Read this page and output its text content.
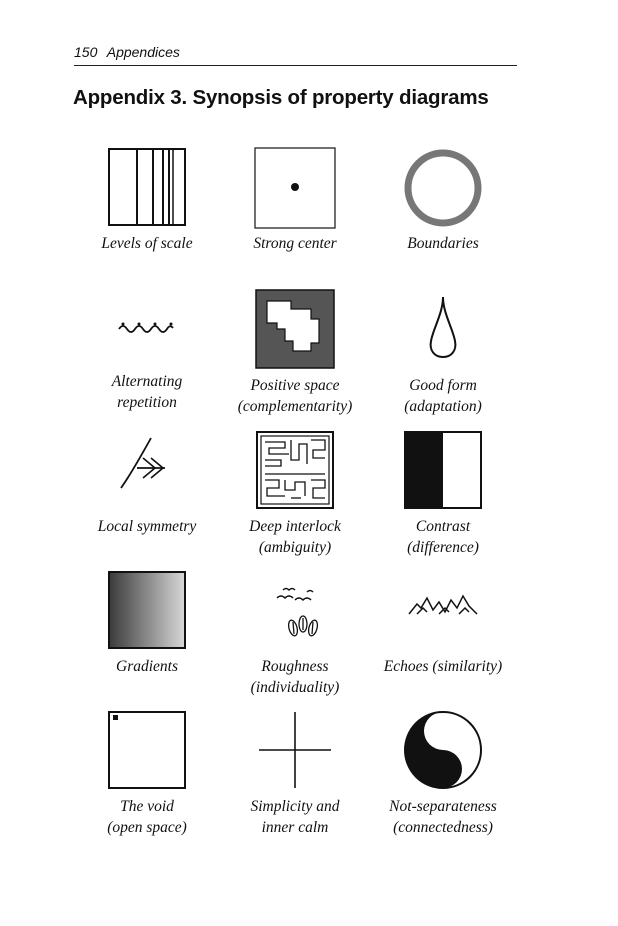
150 Appendices
Appendix 3. Synopsis of property diagrams
Levels of scale	Strong center	Boundaries
Alternating
repetition
Positive space
(complementarity)
Good form
(adaptation)
Local symmetry	Deep interlock
(ambiguity)
Contrast
(difference)
Gradients	Roughness
(individuality)
Echoes (similarity)
The void
(open space)
Simplicity and
inner calm
Not-separateness
(connectedness)
